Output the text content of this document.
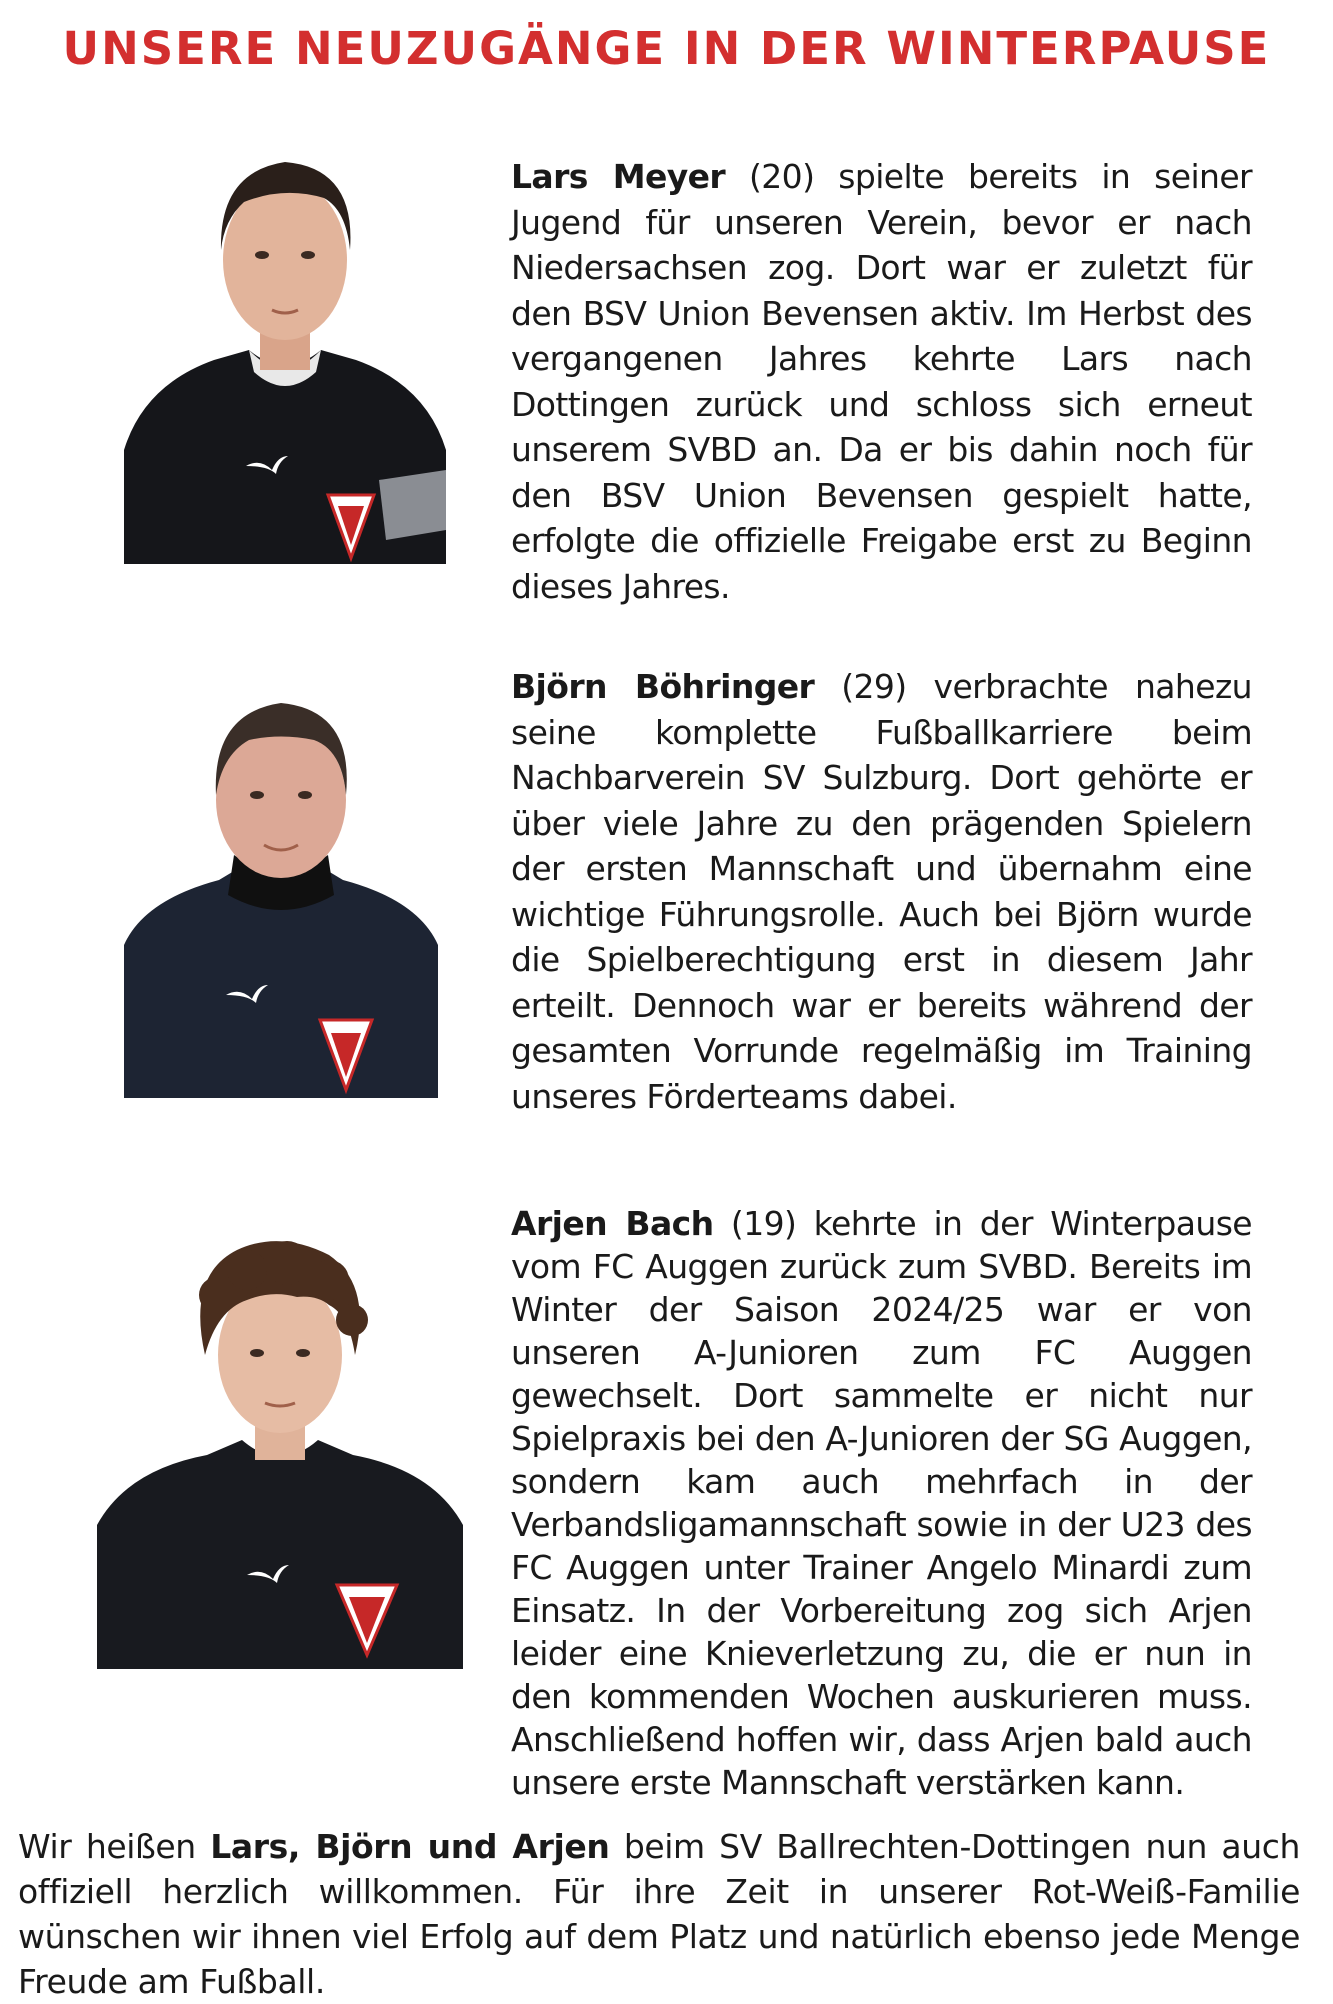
UNSERE NEUZUGÄNGE IN DER WINTERPAUSE

Lars Meyer (20) spielte bereits in seiner Jugend für unseren Verein, bevor er nach Niedersachsen zog. Dort war er zuletzt für den BSV Union Bevensen aktiv. Im Herbst des vergangenen Jahres kehrte Lars nach Dottingen zurück und schloss sich erneut unserem SVBD an. Da er bis dahin noch für den BSV Union Bevensen gespielt hatte, erfolgte die offizielle Freigabe erst zu Beginn dieses Jahres.

Björn Böhringer (29) verbrachte nahezu seine komplette Fußballkarriere beim Nachbarverein SV Sulzburg. Dort gehörte er über viele Jahre zu den prägenden Spielern der ersten Mannschaft und übernahm eine wichtige Führungsrolle. Auch bei Björn wurde die Spielberechtigung erst in diesem Jahr erteilt. Dennoch war er bereits während der gesamten Vorrunde regelmäßig im Training unseres Förderteams dabei.

Arjen Bach (19) kehrte in der Winterpause vom FC Auggen zurück zum SVBD. Bereits im Winter der Saison 2024/25 war er von unseren A-Junioren zum FC Auggen gewechselt. Dort sammelte er nicht nur Spielpraxis bei den A-Junioren der SG Auggen, sondern kam auch mehrfach in der Verbandsligamannschaft sowie in der U23 des FC Auggen unter Trainer Angelo Minardi zum Einsatz. In der Vorbereitung zog sich Arjen leider eine Knieverletzung zu, die er nun in den kommenden Wochen auskurieren muss. Anschließend hoffen wir, dass Arjen bald auch unsere erste Mannschaft verstärken kann.

Wir heißen Lars, Björn und Arjen beim SV Ballrechten-Dottingen nun auch offiziell herzlich willkommen. Für ihre Zeit in unserer Rot-Weiß-Familie wünschen wir ihnen viel Erfolg auf dem Platz und natürlich ebenso jede Menge Freude am Fußball.
